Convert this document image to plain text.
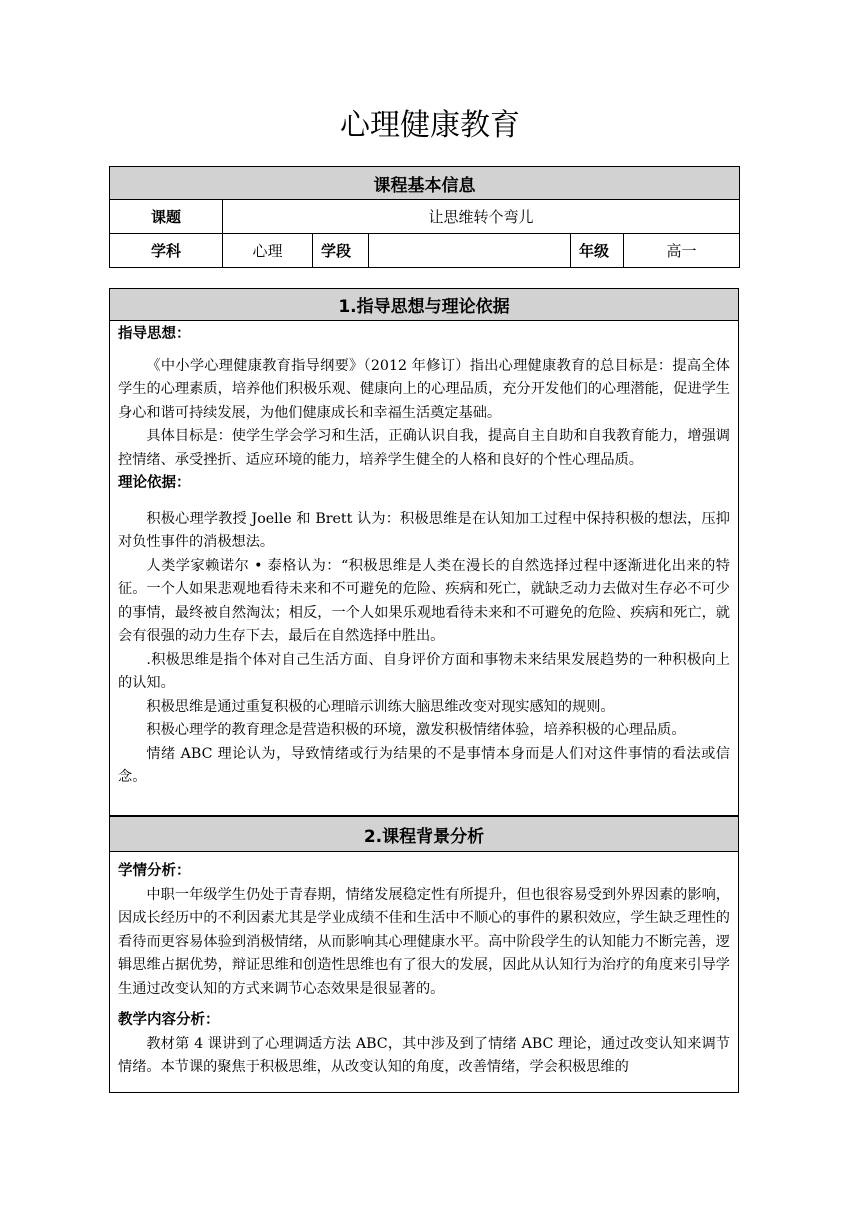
心理健康教育
课程基本信息					
课题	让思维转个弯儿				
学科	心理	学段		年级	高一
1.指导思想与理论依据

指导思想：

《中小学心理健康教育指导纲要》（2012 年修订）指出心理健康教育的总目标是：提高全体学生的心理素质，培养他们积极乐观、健康向上的心理品质，充分开发他们的心理潜能，促进学生身心和谐可持续发展，为他们健康成长和幸福生活奠定基础。

具体目标是：使学生学会学习和生活，正确认识自我，提高自主自助和自我教育能力，增强调控情绪、承受挫折、适应环境的能力，培养学生健全的人格和良好的个性心理品质。

理论依据：

积极心理学教授 Joelle 和 Brett 认为：积极思维是在认知加工过程中保持积极的想法，压抑对负性事件的消极想法。

人类学家赖诺尔 • 泰格认为：“积极思维是人类在漫长的自然选择过程中逐渐进化出来的特征。一个人如果悲观地看待未来和不可避免的危险、疾病和死亡，就缺乏动力去做对生存必不可少的事情，最终被自然淘汰；相反，一个人如果乐观地看待未来和不可避免的危险、疾病和死亡，就会有很强的动力生存下去，最后在自然选择中胜出。

.积极思维是指个体对自己生活方面、自身评价方面和事物未来结果发展趋势的一种积极向上的认知。

积极思维是通过重复积极的心理暗示训练大脑思维改变对现实感知的规则。

积极心理学的教育理念是营造积极的环境，激发积极情绪体验，培养积极的心理品质。

情绪 ABC 理论认为，导致情绪或行为结果的不是事情本身而是人们对这件事情的看法或信念。

2.课程背景分析

学情分析：

中职一年级学生仍处于青春期，情绪发展稳定性有所提升，但也很容易受到外界因素的影响，因成长经历中的不利因素尤其是学业成绩不佳和生活中不顺心的事件的累积效应，学生缺乏理性的看待而更容易体验到消极情绪，从而影响其心理健康水平。高中阶段学生的认知能力不断完善，逻辑思维占据优势，辩证思维和创造性思维也有了很大的发展，因此从认知行为治疗的角度来引导学生通过改变认知的方式来调节心态效果是很显著的。

教学内容分析：

教材第 4 课讲到了心理调适方法 ABC，其中涉及到了情绪 ABC 理论，通过改变认知来调节情绪。本节课的聚焦于积极思维，从改变认知的角度，改善情绪，学会积极思维的
